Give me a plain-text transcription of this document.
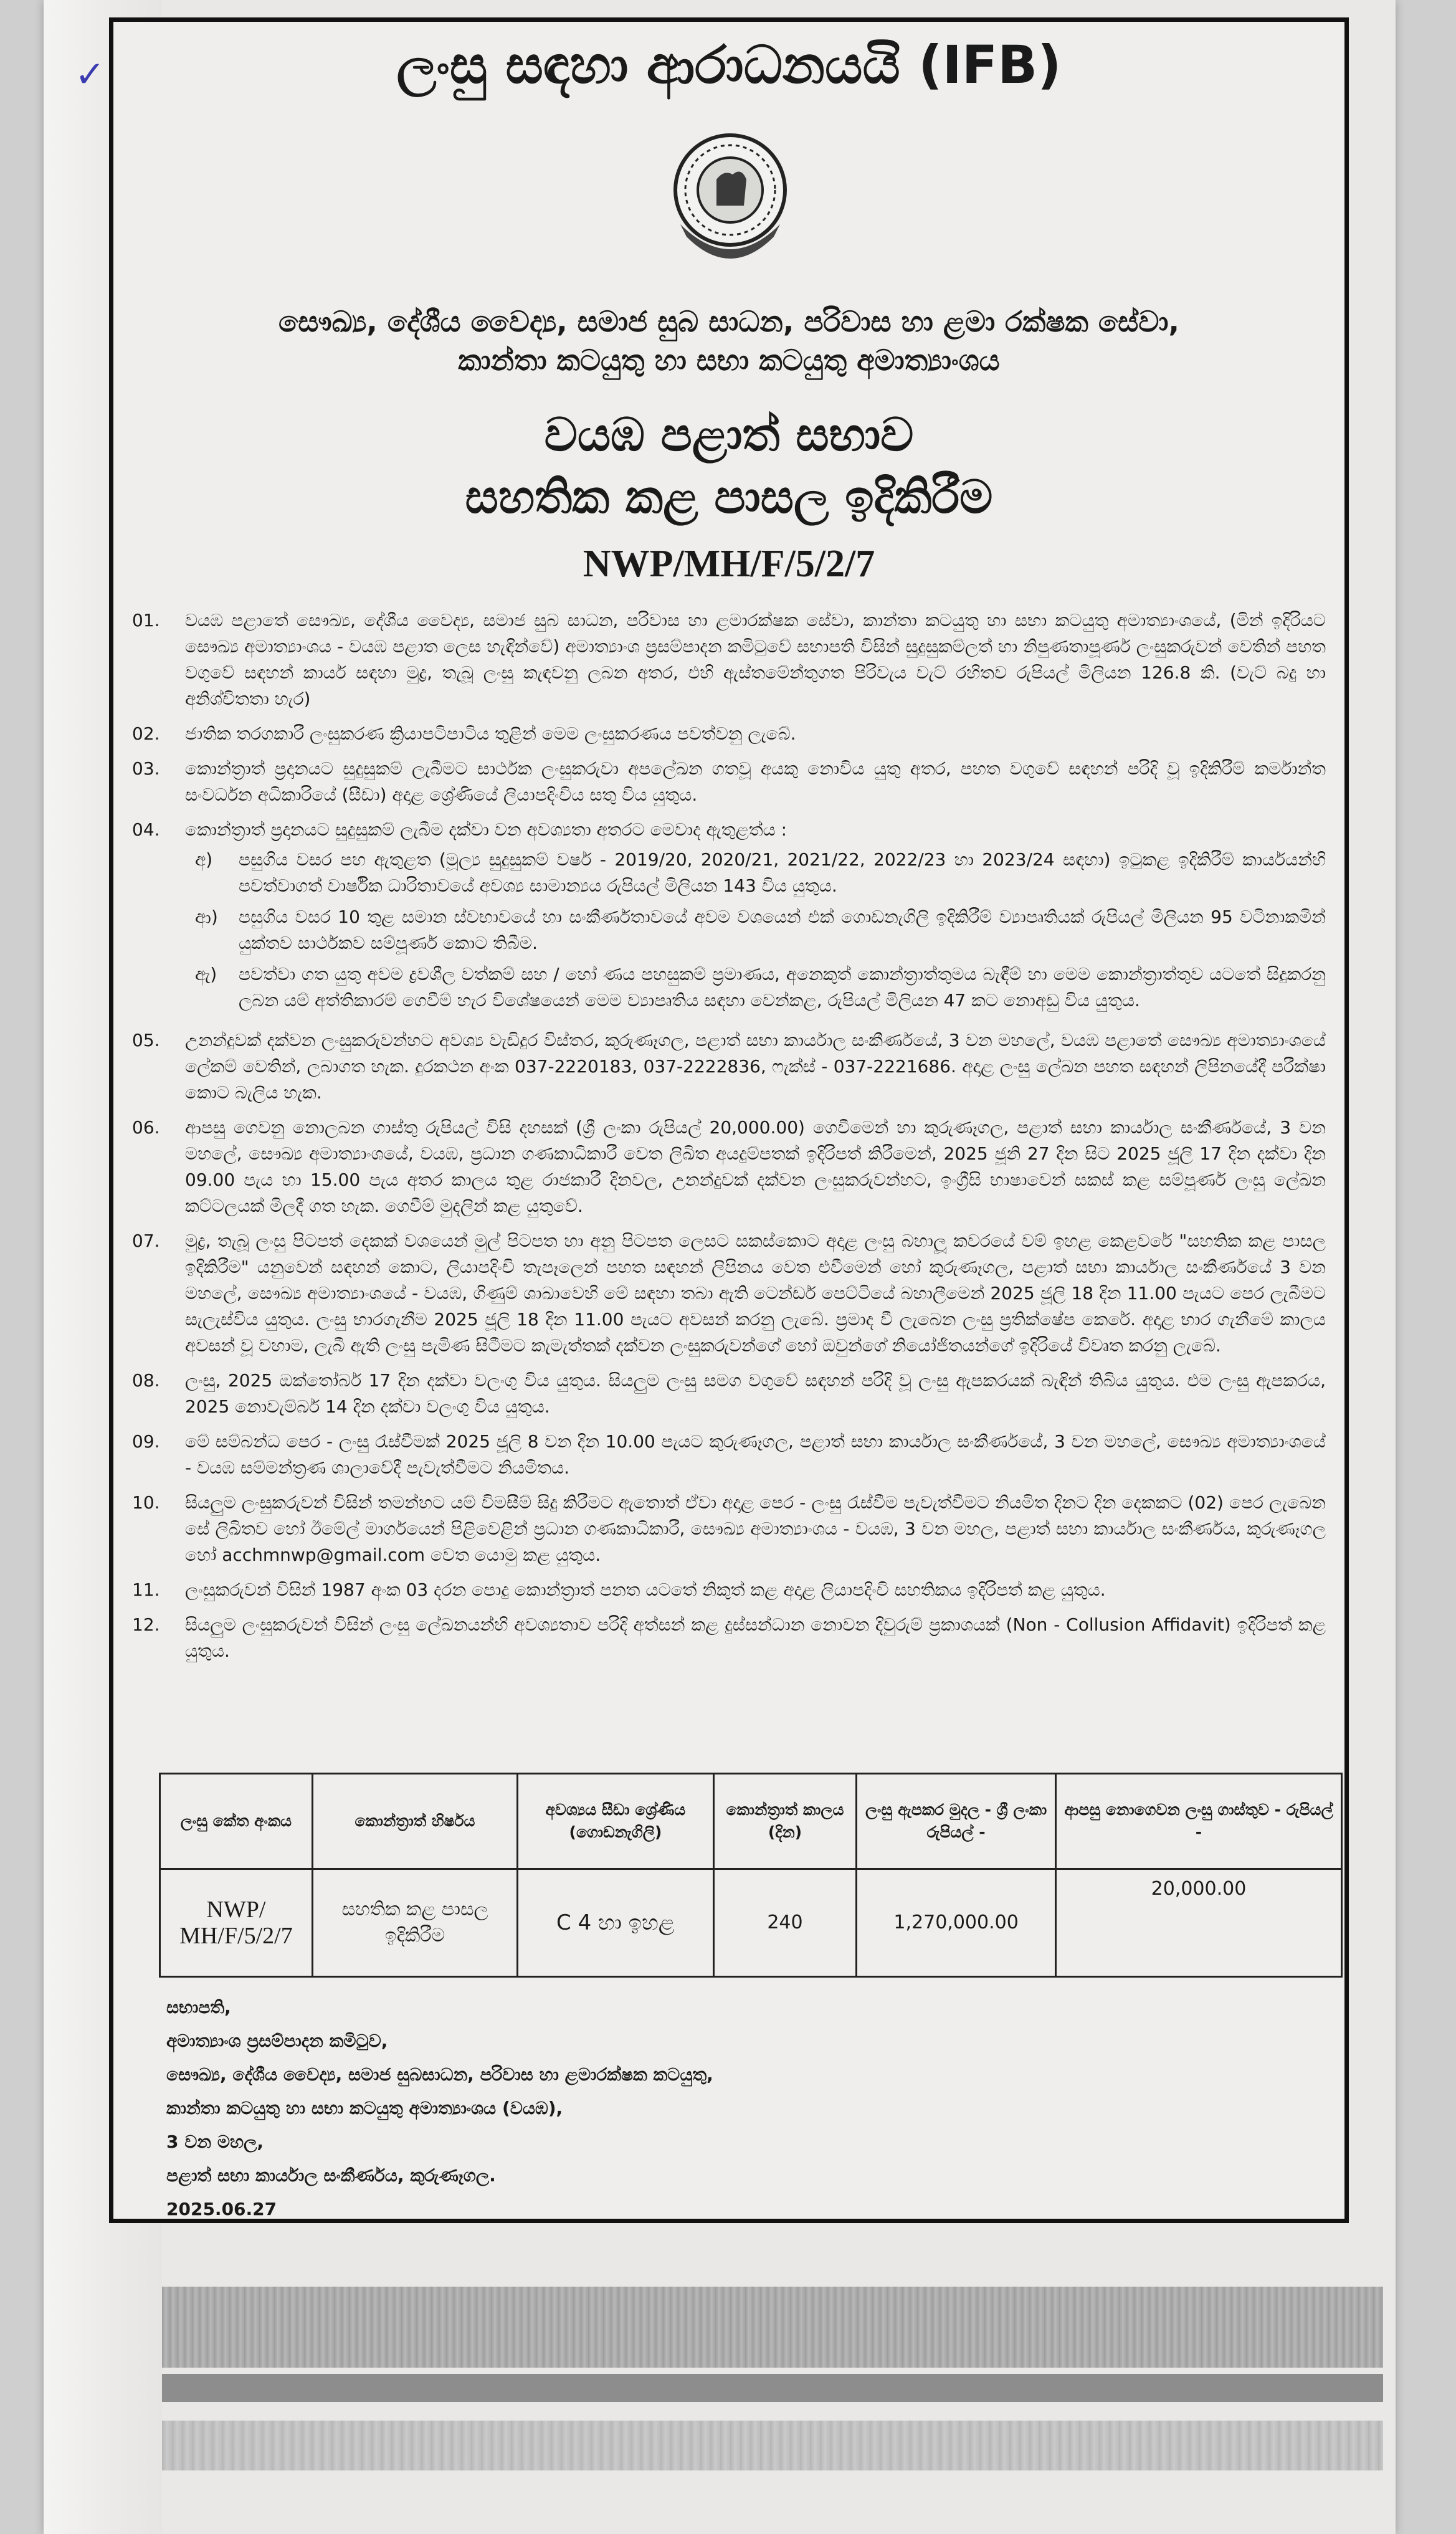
✓	ලංසු සඳහා ආරාධනයයි (IFB)
සෞඛ්‍ය, දේශීය වෛද්‍ය, සමාජ සුබ සාධන, පරිවාස හා ළමා රක්ෂක සේවා,
කාන්තා කටයුතු හා සභා කටයුතු අමාත්‍යාංශය
වයඹ පළාත් සභාව
සහතික කළ පාසල ඉදිකිරීම
NWP/MH/F/5/2/7
01.	වයඹ පළාතේ සෞඛ්‍ය, දේශීය වෛද්‍ය, සමාජ සුබ සාධන, පරිවාස හා ළමාරක්ෂක සේවා, කාන්තා කටයුතු හා සභා කටයුතු අමාත්‍යාංශයේ, (මින් ඉදිරියට සෞඛ්‍ය අමාත්‍යාංශය - වයඹ පළාත ලෙස හැඳින්වේ) අමාත්‍යාංශ ප්‍රසම්පාදන කමිටුවේ සභාපති විසින් සුදුසුකම්ලත් හා නිපුණතාපූර්ණ ලංසුකරුවන් වෙතින් පහත වගුවේ සඳහන් කාර්ය සඳහා මුද්‍ර, තැබූ ලංසු කැඳවනු ලබන අතර, එහි ඇස්තමේන්තුගත පිරිවැය වැට් රහිතව රුපියල් මිලියන 126.8 කි. (වැට් බදු හා අනිශ්චිතතා හැර)
02.	ජාතික තරගකාරී ලංසුකරණ ක්‍රියාපටිපාටිය තුළින් මෙම ලංසුකරණය පවත්වනු ලැබේ.
03.	කොන්ත්‍රාත් ප්‍රදානයට සුදුසුකම් ලැබීමට සාර්ථක ලංසුකරුවා අපලේඛන ගතවූ අයකු නොවිය යුතු අතර, පහත වගුවේ සඳහන් පරිදි වූ ඉදිකිරීම් කර්මාන්ත සංවර්ධන අධිකාරියේ (සීඩා) අදාළ ශ්‍රේණියේ ලියාපදිංචිය සතු විය යුතුය.
04.	කොන්ත්‍රාත් ප්‍රදානයට සුදුසුකම් ලැබීම දක්වා වන අවශ්‍යතා අතරට මෙවාද ඇතුළත්ය :
අ)	පසුගිය වසර පහ ඇතුළත (මූල්‍ය සුදුසුකම් වර්ෂ - 2019/20, 2020/21, 2021/22, 2022/23 හා 2023/24 සඳහා) ඉටුකළ ඉදිකිරීම් කාර්යයන්හි පවත්වාගත් වාර්ෂික ධාරිතාවයේ අවශ්‍ය සාමාන්‍යය රුපියල් මිලියන 143 විය යුතුය.
ආ)	පසුගිය වසර 10 තුළ සමාන ස්වභාවයේ හා සංකීර්ණතාවයේ අවම වශයෙන් එක් ගොඩනැගිලි ඉදිකිරීම් ව්‍යාපෘතියක් රුපියල් මිලියන 95 වටිනාකමින් යුක්තව සාර්ථකව සම්පූර්ණ කොට තිබීම.
ඇ)	පවත්වා ගත යුතු අවම ද්‍රවශීල වත්කම් සහ / හෝ ණය පහසුකම් ප්‍රමාණය, අනෙකුත් කොන්ත්‍රාත්තුමය බැඳීම් හා මෙම කොන්ත්‍රාත්තුව යටතේ සිදුකරනු ලබන යම් අත්තිකාරම් ගෙවීම් හැර විශේෂයෙන් මෙම ව්‍යාපෘතිය සඳහා වෙන්කළ, රුපියල් මිලියන 47 කට නොඅඩු විය යුතුය.
05.	උනන්දුවක් දක්වන ලංසුකරුවන්හට අවශ්‍ය වැඩිදුර විස්තර, කුරුණෑගල, පළාත් සභා කාර්යාල සංකීර්ණයේ, 3 වන මහලේ, වයඹ පළාතේ සෞඛ්‍ය අමාත්‍යාංශයේ ලේකම් වෙතින්, ලබාගත හැක. දුරකථන අංක 037-2220183, 037-2222836, ෆැක්ස් - 037-2221686. අදාළ ලංසු ලේඛන පහත සඳහන් ලිපිනයේදී පරීක්ෂා කොට බැලිය හැක.
06.	ආපසු ගෙවනු නොලබන ගාස්තු රුපියල් විසි දහසක් (ශ්‍රී ලංකා රුපියල් 20,000.00) ගෙවීමෙන් හා කුරුණෑගල, පළාත් සභා කාර්යාල සංකීර්ණයේ, 3 වන මහලේ, සෞඛ්‍ය අමාත්‍යාංශයේ, වයඹ, ප්‍රධාන ගණකාධිකාරී වෙත ලිඛිත අයදුම්පතක් ඉදිරිපත් කිරීමෙන්, 2025 ජූනි 27 දින සිට 2025 ජූලි 17 දින දක්වා දින 09.00 පැය හා 15.00 පැය අතර කාලය තුළ රාජකාරී දිනවල, උනන්දුවක් දක්වන ලංසුකරුවන්හට, ඉංග්‍රීසි භාෂාවෙන් සකස් කළ සම්පූර්ණ ලංසු ලේඛන කට්ටලයක් මිලදී ගත හැක. ගෙවීම් මුදලින් කළ යුතුවේ.
07.	මුද්‍ර, තැබූ ලංසු පිටපත් දෙකක් වශයෙන් මුල් පිටපත හා අනු පිටපත ලෙසට සකස්කොට අදාළ ලංසු බහාලූ කවරයේ වම් ඉහළ කෙළවරේ "සහතික කළ පාසල ඉදිකිරීම" යනුවෙන් සඳහන් කොට, ලියාපදිංචි තැපෑලෙන් පහත සඳහන් ලිපිනය වෙත එවීමෙන් හෝ කුරුණෑගල, පළාත් සභා කාර්යාල සංකීර්ණයේ 3 වන මහලේ, සෞඛ්‍ය අමාත්‍යාංශයේ - වයඹ, ගිණුම් ශාඛාවෙහි මේ සඳහා තබා ඇති ටෙන්ඩර් පෙට්ටියේ බහාලීමෙන් 2025 ජූලි 18 දින 11.00 පැයට පෙර ලැබීමට සැලැස්විය යුතුය. ලංසු භාරගැනීම 2025 ජූලි 18 දින 11.00 පැයට අවසන් කරනු ලැබේ. ප්‍රමාද වී ලැබෙන ලංසු ප්‍රතික්ෂේප කෙරේ. අදාළ භාර ගැනීමේ කාලය අවසන් වූ වහාම, ලැබී ඇති ලංසු පැමිණ සිටීමට කැමැත්තක් දක්වන ලංසුකරුවන්ගේ හෝ ඔවුන්ගේ නියෝජිතයන්ගේ ඉදිරියේ විවෘත කරනු ලැබේ.
08.	ලංසු, 2025 ඔක්තෝබර් 17 දින දක්වා වලංගු විය යුතුය. සියලුම ලංසු සමග වගුවේ සඳහන් පරිදි වූ ලංසු ඇපකරයක් බැඳින් තිබිය යුතුය. එම ලංසු ඇපකරය, 2025 නොවැම්බර් 14 දින දක්වා වලංගු විය යුතුය.
09.	මේ සම්බන්ධ පෙර - ලංසු රැස්වීමක් 2025 ජූලි 8 වන දින 10.00 පැයට කුරුණෑගල, පළාත් සභා කාර්යාල සංකීර්ණයේ, 3 වන මහලේ, සෞඛ්‍ය අමාත්‍යාංශයේ - වයඹ සම්මන්ත්‍රණ ශාලාවේදී පැවැත්වීමට නියමිතය.
10.	සියලුම ලංසුකරුවන් විසින් තමන්හට යම් විමසීම් සිදු කිරීමට ඇතොත් ඒවා අදාළ පෙර - ලංසු රැස්වීම පැවැත්වීමට නියමිත දිනට දින දෙකකට (02) පෙර ලැබෙන සේ ලිඛිතව හෝ ඊමේල් මාර්ගයෙන් පිළිවෙළින් ප්‍රධාන ගණකාධිකාරී, සෞඛ්‍ය අමාත්‍යාංශය - වයඹ, 3 වන මහල, පළාත් සභා කාර්යාල සංකීර්ණය, කුරුණෑගල හෝ acchmnwp@gmail.com වෙත යොමු කළ යුතුය.
11.	ලංසුකරුවන් විසින් 1987 අංක 03 දරන පොදු කොන්ත්‍රාත් පනත යටතේ නිකුත් කළ අදාළ ලියාපදිංචි සහතිකය ඉදිරිපත් කළ යුතුය.
12.	සියලුම ලංසුකරුවන් විසින් ලංසු ලේඛනයන්හි අවශ්‍යතාව පරිදි අත්සන් කළ දුස්සන්ධාන නොවන දිවුරුම් ප්‍රකාශයක් (Non - Collusion Affidavit) ඉදිරිපත් කළ යුතුය.
සභාපති,
අමාත්‍යාංශ ප්‍රසම්පාදන කමිටුව,
සෞඛ්‍ය, දේශීය වෛද්‍ය, සමාජ සුබසාධන, පරිවාස හා ළමාරක්ෂක කටයුතු,
කාන්තා කටයුතු හා සභා කටයුතු අමාත්‍යාංශය (වයඹ),
3 වන මහල,
පළාත් සභා කාර්යාල සංකීර්ණය, කුරුණෑගල.
2025.06.27
ලංසු කේත අංකය	කොන්ත්‍රාත් හිර්ෂය	අවශ්‍යය සීඩා ශ්‍රේණිය (ගොඩනැගිලි)	කොන්ත්‍රාත් කාලය (දින)	ලංසු ඇපකර මුදල - ශ්‍රී ලංකා රුපියල් -	ආපසු නොගෙවන ලංසු ගාස්තුව - රුපියල් -
NWP/ MH/F/5/2/7	සහතික කළ පාසල ඉදිකිරීම	C 4 හා ඉහළ	240	1,270,000.00	20,000.00
